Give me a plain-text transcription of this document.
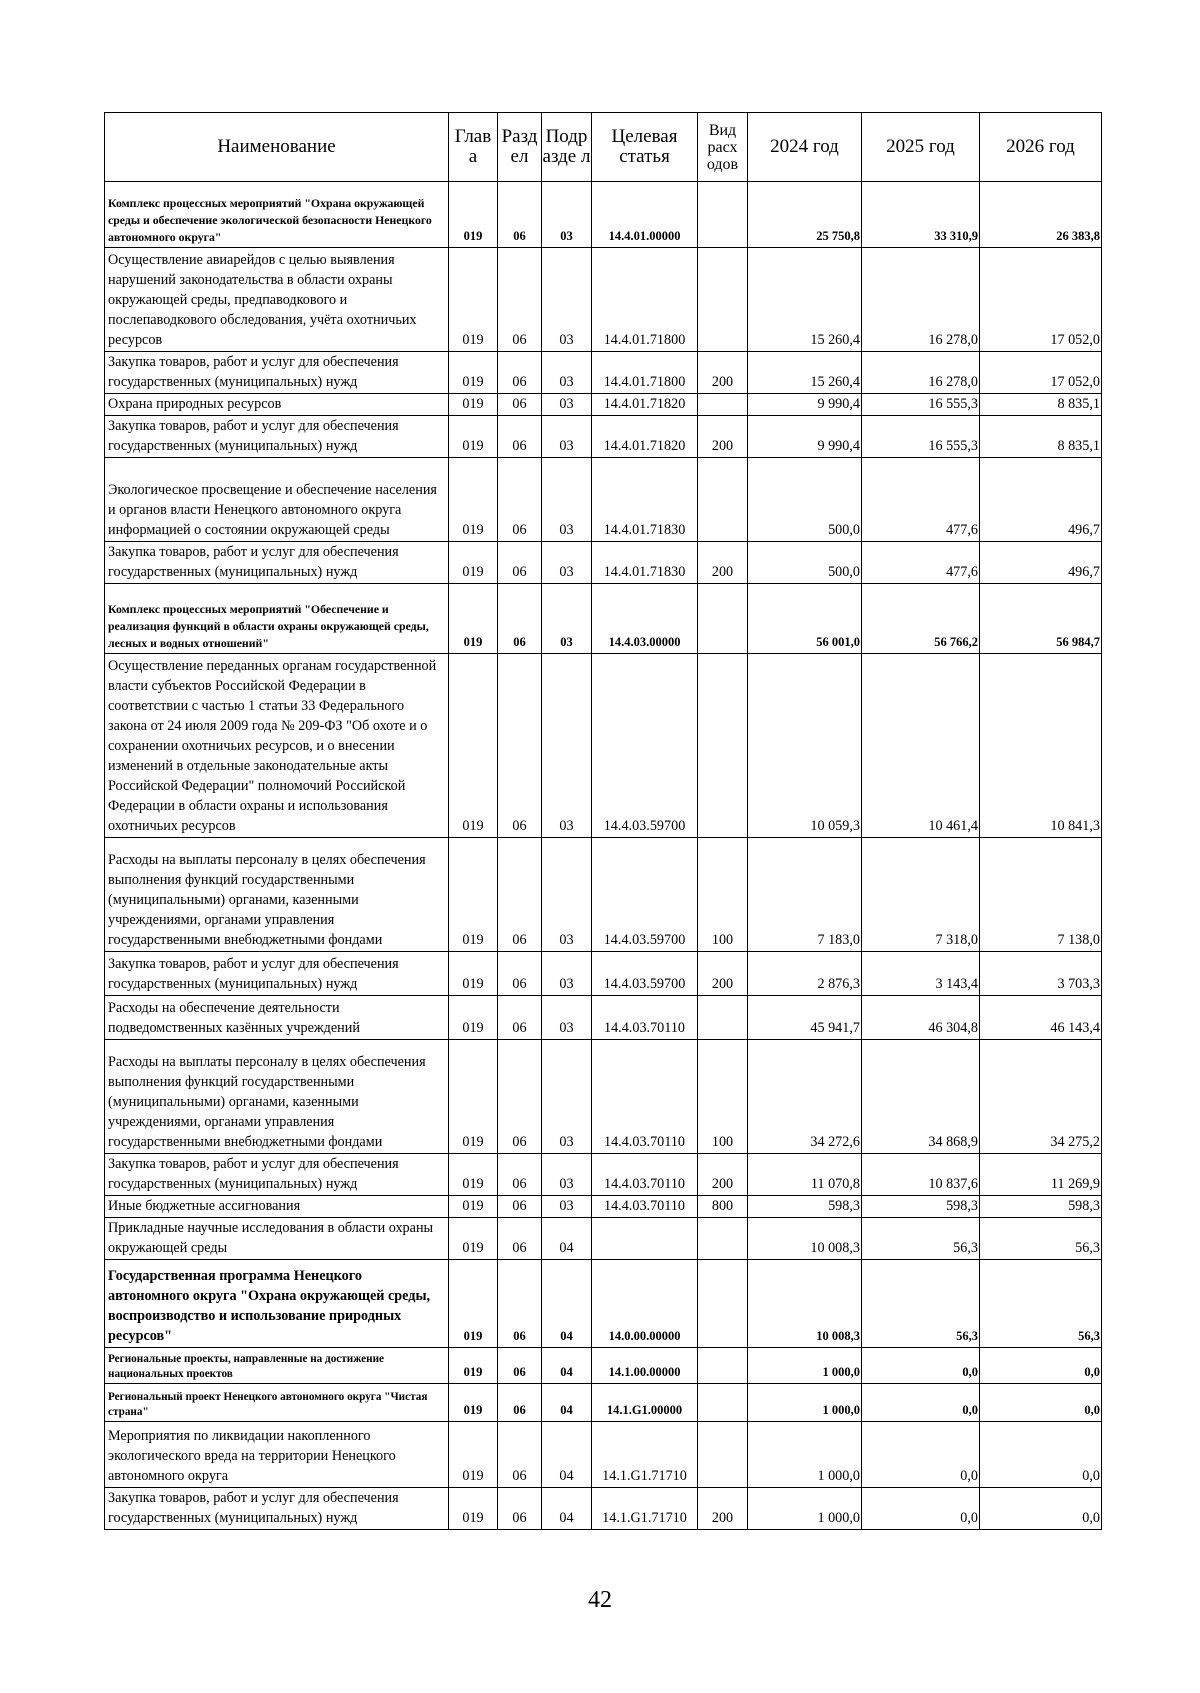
Наименование	Глав а	Разд ел	Подр азде л	Целевая статья	Вид расх одов	2024 год	2025 год	2026 год
Комплекс процессных мероприятий "Охрана окружающей среды и обеспечение экологической безопасности Ненецкого автономного округа"	019	06	03	14.4.01.00000		25 750,8	33 310,9	26 383,8
Осуществление авиарейдов с целью выявления нарушений законодательства в области охраны окружающей среды, предпаводкового и послепаводкового обследования, учёта охотничьих ресурсов	019	06	03	14.4.01.71800		15 260,4	16 278,0	17 052,0
Закупка товаров, работ и услуг для обеспечения государственных (муниципальных) нужд	019	06	03	14.4.01.71800	200	15 260,4	16 278,0	17 052,0
Охрана природных ресурсов	019	06	03	14.4.01.71820		9 990,4	16 555,3	8 835,1
Закупка товаров, работ и услуг для обеспечения государственных (муниципальных) нужд	019	06	03	14.4.01.71820	200	9 990,4	16 555,3	8 835,1
Экологическое просвещение и обеспечение населения и органов власти Ненецкого автономного округа информацией о состоянии окружающей среды	019	06	03	14.4.01.71830		500,0	477,6	496,7
Закупка товаров, работ и услуг для обеспечения государственных (муниципальных) нужд	019	06	03	14.4.01.71830	200	500,0	477,6	496,7
Комплекс процессных мероприятий "Обеспечение и реализация функций в области охраны окружающей среды, лесных и водных отношений"	019	06	03	14.4.03.00000		56 001,0	56 766,2	56 984,7
Осуществление переданных органам государственной власти субъектов Российской Федерации в соответствии с частью 1 статьи 33 Федерального закона от 24 июля 2009 года № 209-ФЗ "Об охоте и о сохранении охотничьих ресурсов, и о внесении изменений в отдельные законодательные акты Российской Федерации" полномочий Российской Федерации в области охраны и использования охотничьих ресурсов	019	06	03	14.4.03.59700		10 059,3	10 461,4	10 841,3
Расходы на выплаты персоналу в целях обеспечения выполнения функций государственными (муниципальными) органами, казенными учреждениями, органами управления государственными внебюджетными фондами	019	06	03	14.4.03.59700	100	7 183,0	7 318,0	7 138,0
Закупка товаров, работ и услуг для обеспечения государственных (муниципальных) нужд	019	06	03	14.4.03.59700	200	2 876,3	3 143,4	3 703,3
Расходы на обеспечение деятельности подведомственных казённых учреждений	019	06	03	14.4.03.70110		45 941,7	46 304,8	46 143,4
Расходы на выплаты персоналу в целях обеспечения выполнения функций государственными (муниципальными) органами, казенными учреждениями, органами управления государственными внебюджетными фондами	019	06	03	14.4.03.70110	100	34 272,6	34 868,9	34 275,2
Закупка товаров, работ и услуг для обеспечения государственных (муниципальных) нужд	019	06	03	14.4.03.70110	200	11 070,8	10 837,6	11 269,9
Иные бюджетные ассигнования	019	06	03	14.4.03.70110	800	598,3	598,3	598,3
Прикладные научные исследования в области охраны окружающей среды	019	06	04			10 008,3	56,3	56,3
Государственная программа Ненецкого автономного округа "Охрана окружающей среды, воспроизводство и использование природных ресурсов"	019	06	04	14.0.00.00000		10 008,3	56,3	56,3
Региональные проекты, направленные на достижение национальных проектов	019	06	04	14.1.00.00000		1 000,0	0,0	0,0
Региональный проект Ненецкого автономного округа "Чистая страна"	019	06	04	14.1.G1.00000		1 000,0	0,0	0,0
Мероприятия по ликвидации накопленного экологического вреда на территории Ненецкого автономного округа	019	06	04	14.1.G1.71710		1 000,0	0,0	0,0
Закупка товаров, работ и услуг для обеспечения государственных (муниципальных) нужд	019	06	04	14.1.G1.71710	200	1 000,0	0,0	0,0
42
